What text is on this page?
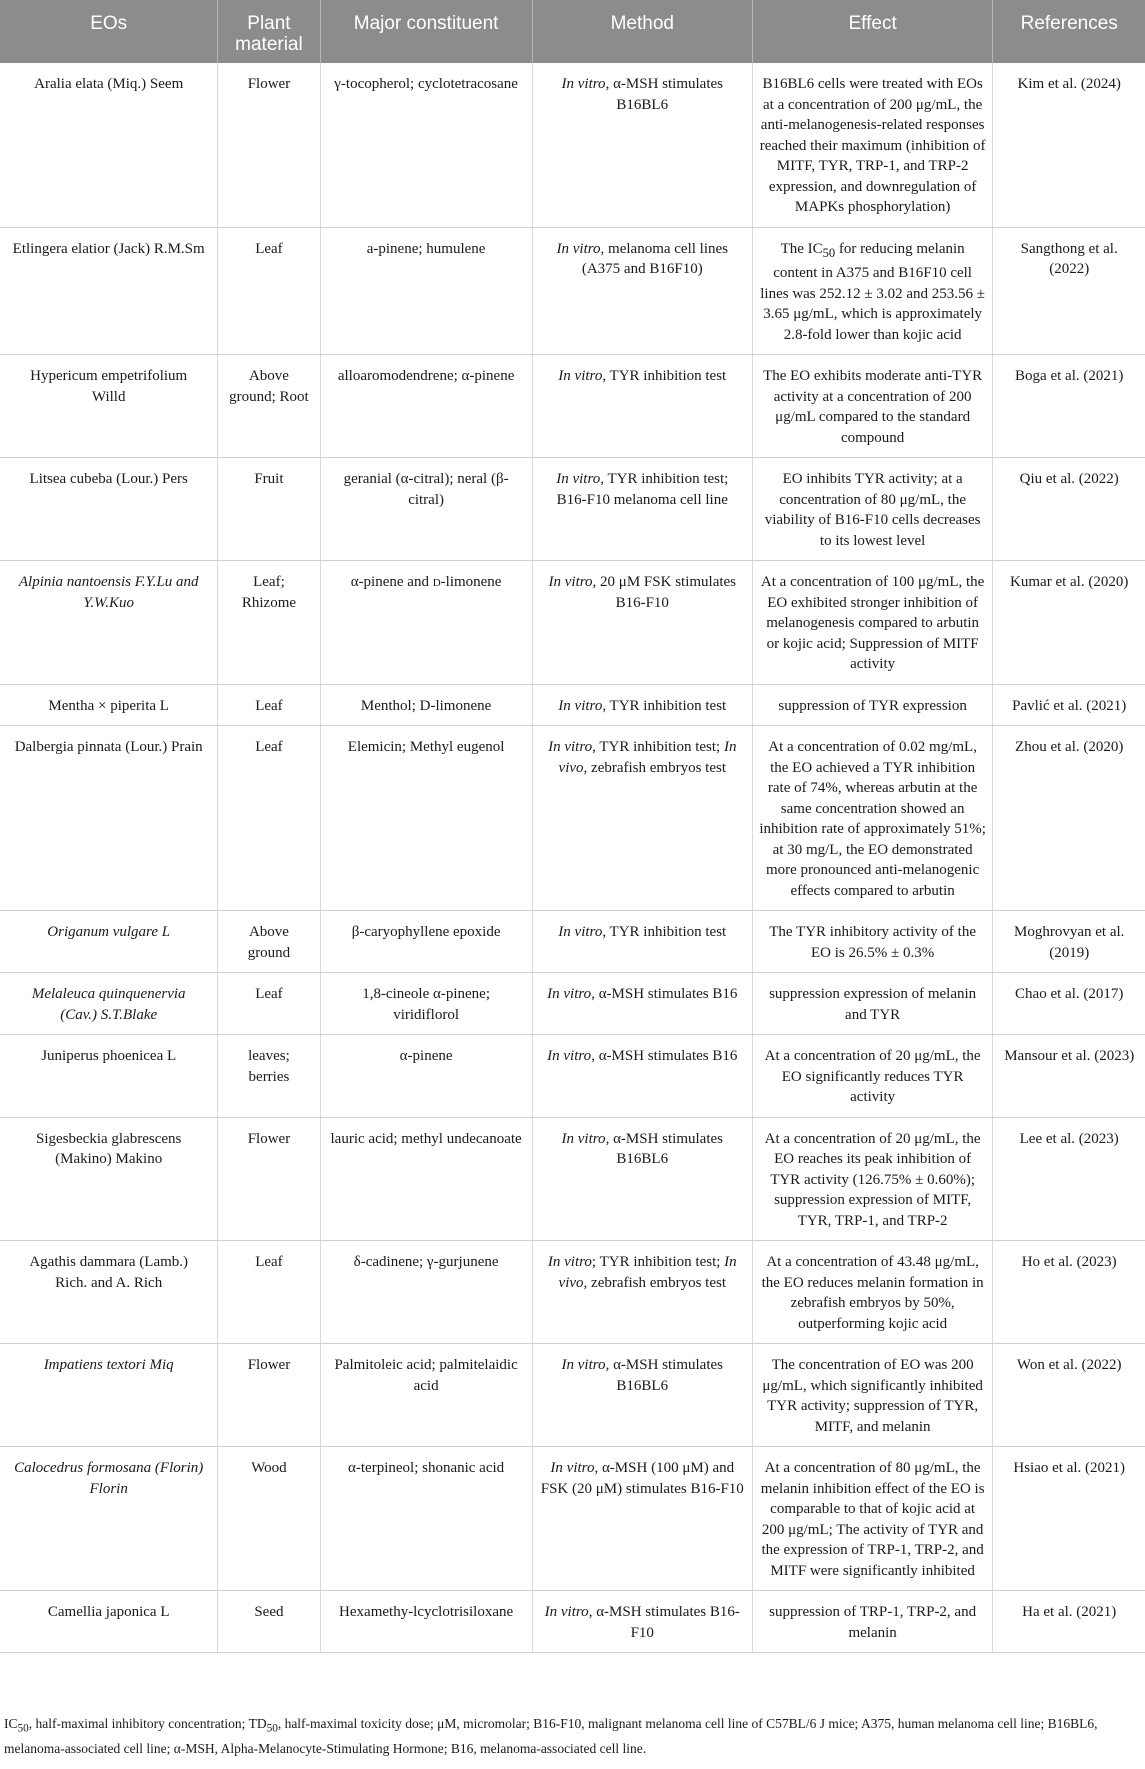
EOs	Plant material	Major constituent	Method	Effect	References
Aralia elata (Miq.) Seem	Flower	γ-tocopherol; cyclotetracosane	In vitro, α-MSH stimulates B16BL6	B16BL6 cells were treated with EOs at a concentration of 200 μg/mL, the anti-melanogenesis-related responses reached their maximum (inhibition of MITF, TYR, TRP-1, and TRP-2 expression, and downregulation of MAPKs phosphorylation)	Kim et al. (2024)
Etlingera elatior (Jack) R.M.Sm	Leaf	a-pinene; humulene	In vitro, melanoma cell lines (A375 and B16F10)	The $IC_{50}$ for reducing melanin content in A375 and B16F10 cell lines was 252.12 ± 3.02 and 253.56 ± 3.65 μg/mL, which is approximately 2.8-fold lower than kojic acid	Sangthong et al. (2022)
Hypericum empetrifolium Willd	Above ground; Root	alloaromodendrene; α-pinene	In vitro, TYR inhibition test	The EO exhibits moderate anti-TYR activity at a concentration of 200 μg/mL compared to the standard compound	Boga et al. (2021)
Litsea cubeba (Lour.) Pers	Fruit	geranial (α-citral); neral (β-citral)	In vitro, TYR inhibition test; B16-F10 melanoma cell line	EO inhibits TYR activity; at a concentration of 80 μg/mL, the viability of B16-F10 cells decreases to its lowest level	Qiu et al. (2022)
Alpinia nantoensis F.Y.Lu and Y.W.Kuo	Leaf; Rhizome	α-pinene and D-limonene	In vitro, 20 μM FSK stimulates B16-F10	At a concentration of 100 μg/mL, the EO exhibited stronger inhibition of melanogenesis compared to arbutin or kojic acid; Suppression of MITF activity	Kumar et al. (2020)
Mentha × piperita L	Leaf	Menthol; D-limonene	In vitro, TYR inhibition test	suppression of TYR expression	Pavlić et al. (2021)
Dalbergia pinnata (Lour.) Prain	Leaf	Elemicin; Methyl eugenol	In vitro, TYR inhibition test; In vivo, zebrafish embryos test	At a concentration of 0.02 mg/mL, the EO achieved a TYR inhibition rate of 74%, whereas arbutin at the same concentration showed an inhibition rate of approximately 51%; at 30 mg/L, the EO demonstrated more pronounced anti-melanogenic effects compared to arbutin	Zhou et al. (2020)
Origanum vulgare L	Above ground	β-caryophyllene epoxide	In vitro, TYR inhibition test	The TYR inhibitory activity of the EO is 26.5% ± 0.3%	Moghrovyan et al. (2019)
Melaleuca quinquenervia (Cav.) S.T.Blake	Leaf	1,8-cineole α-pinene; viridiflorol	In vitro, α-MSH stimulates B16	suppression expression of melanin and TYR	Chao et al. (2017)
Juniperus phoenicea L	leaves; berries	α-pinene	In vitro, α-MSH stimulates B16	At a concentration of 20 μg/mL, the EO significantly reduces TYR activity	Mansour et al. (2023)
Sigesbeckia glabrescens (Makino) Makino	Flower	lauric acid; methyl undecanoate	In vitro, α-MSH stimulates B16BL6	At a concentration of 20 μg/mL, the EO reaches its peak inhibition of TYR activity (126.75% ± 0.60%); suppression expression of MITF, TYR, TRP-1, and TRP-2	Lee et al. (2023)
Agathis dammara (Lamb.) Rich. and A. Rich	Leaf	δ-cadinene; γ-gurjunene	In vitro; TYR inhibition test; In vivo, zebrafish embryos test	At a concentration of 43.48 μg/mL, the EO reduces melanin formation in zebrafish embryos by 50%, outperforming kojic acid	Ho et al. (2023)
Impatiens textori Miq	Flower	Palmitoleic acid; palmitelaidic acid	In vitro, α-MSH stimulates B16BL6	The concentration of EO was 200 μg/mL, which significantly inhibited TYR activity; suppression of TYR, MITF, and melanin	Won et al. (2022)
Calocedrus formosana (Florin) Florin	Wood	α-terpineol; shonanic acid	In vitro, α-MSH (100 μM) and FSK (20 μM) stimulates B16-F10	At a concentration of 80 μg/mL, the melanin inhibition effect of the EO is comparable to that of kojic acid at 200 μg/mL; The activity of TYR and the expression of TRP-1, TRP-2, and MITF were significantly inhibited	Hsiao et al. (2021)
Camellia japonica L	Seed	Hexamethy-lcyclotrisiloxane	In vitro, α-MSH stimulates B16-F10	suppression of TRP-1, TRP-2, and melanin	Ha et al. (2021)
$IC_{50}$, half-maximal inhibitory concentration; $TD_{50}$, half-maximal toxicity dose; μM, micromolar; B16-F10, malignant melanoma cell line of C57BL/6 J mice; A375, human melanoma cell line; B16BL6, melanoma-associated cell line; α-MSH, Alpha-Melanocyte-Stimulating Hormone; B16, melanoma-associated cell line.
